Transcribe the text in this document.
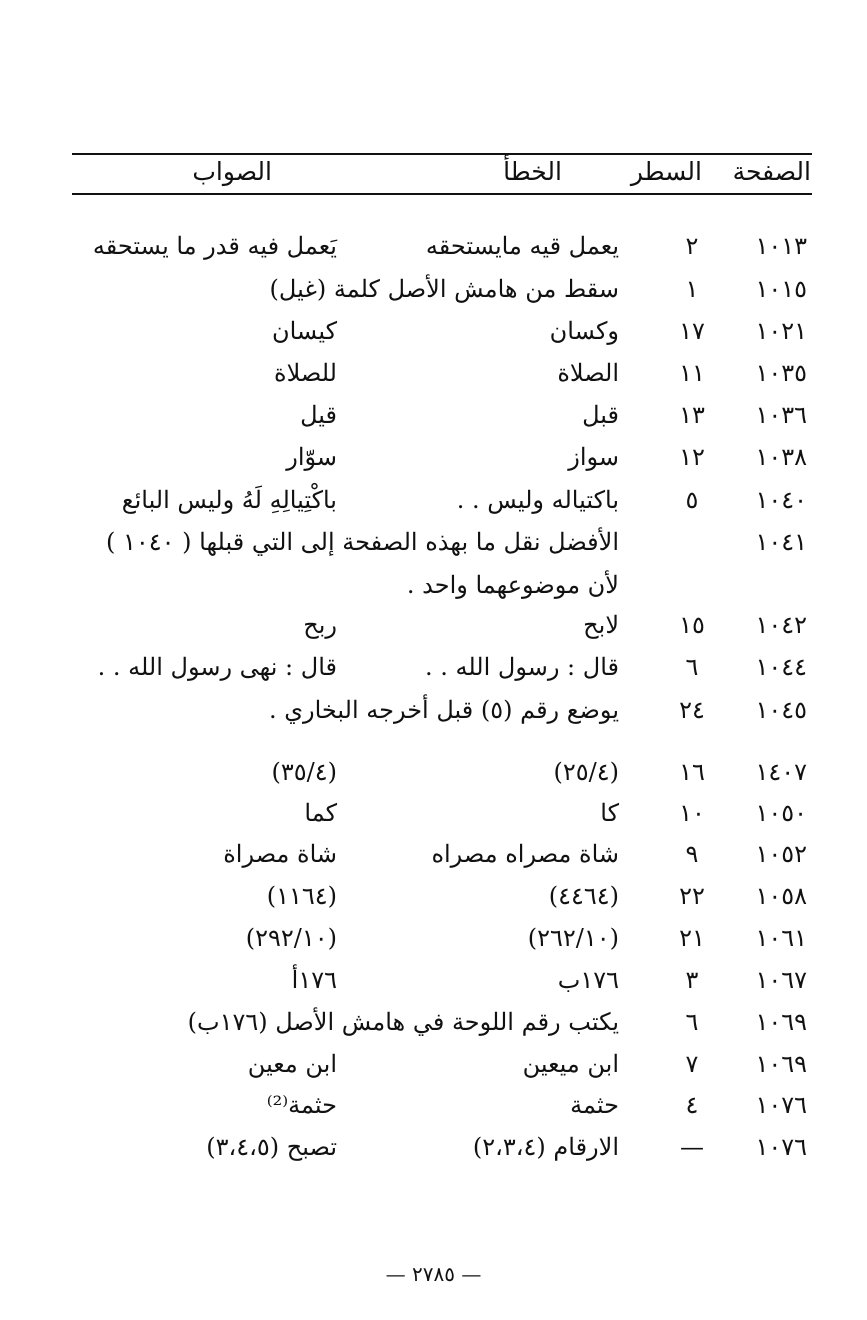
الصفحة
السطر
الخطأ
الصواب
١٠١٣
٢
يعمل قيه مايستحقه
يَعمل فيه قدر ما يستحقه
١٠١٥
١
سقط من هامش الأصل كلمة (غيل)
١٠٢١
١٧
وكسان
كيسان
١٠٣٥
١١
الصلاة
للصلاة
١٠٣٦
١٣
قبل
قيل
١٠٣٨
١٢
سواز
سوّار
١٠٤٠
٥
باكتياله وليس . .
باكْتِيالِهِ لَهُ وليس البائع
١٠٤١
الأفضل نقل ما بهذه الصفحة إلى التي قبلها ( ١٠٤٠ )
لأن موضوعهما واحد .
١٠٤٢
١٥
لابح
ربح
١٠٤٤
٦
قال : رسول الله . .
قال : نهى رسول الله . .
١٠٤٥
٢٤
يوضع رقم (٥) قبل أخرجه البخاري .
١٤٠٧
١٦
(٢٥/٤)
(٣٥/٤)
١٠٥٠
١٠
كا
كما
١٠٥٢
٩
شاة مصراه مصراه
شاة مصراة
١٠٥٨
٢٢
(٤٤٦٤)
(١١٦٤)
١٠٦١
٢١
(٢٦٢/١٠)
(٢٩٢/١٠)
١٠٦٧
٣
١٧٦ب
١٧٦أ
١٠٦٩
٦
يكتب رقم اللوحة في هامش الأصل (١٧٦ب)
١٠٦٩
٧
ابن ميعين
ابن معين
١٠٧٦
٤
حثمة
حثمة⁽²⁾
١٠٧٦
—
الارقام (٢،٣،٤)
تصبح (٣،٤،٥)
— ٢٧٨٥ —
